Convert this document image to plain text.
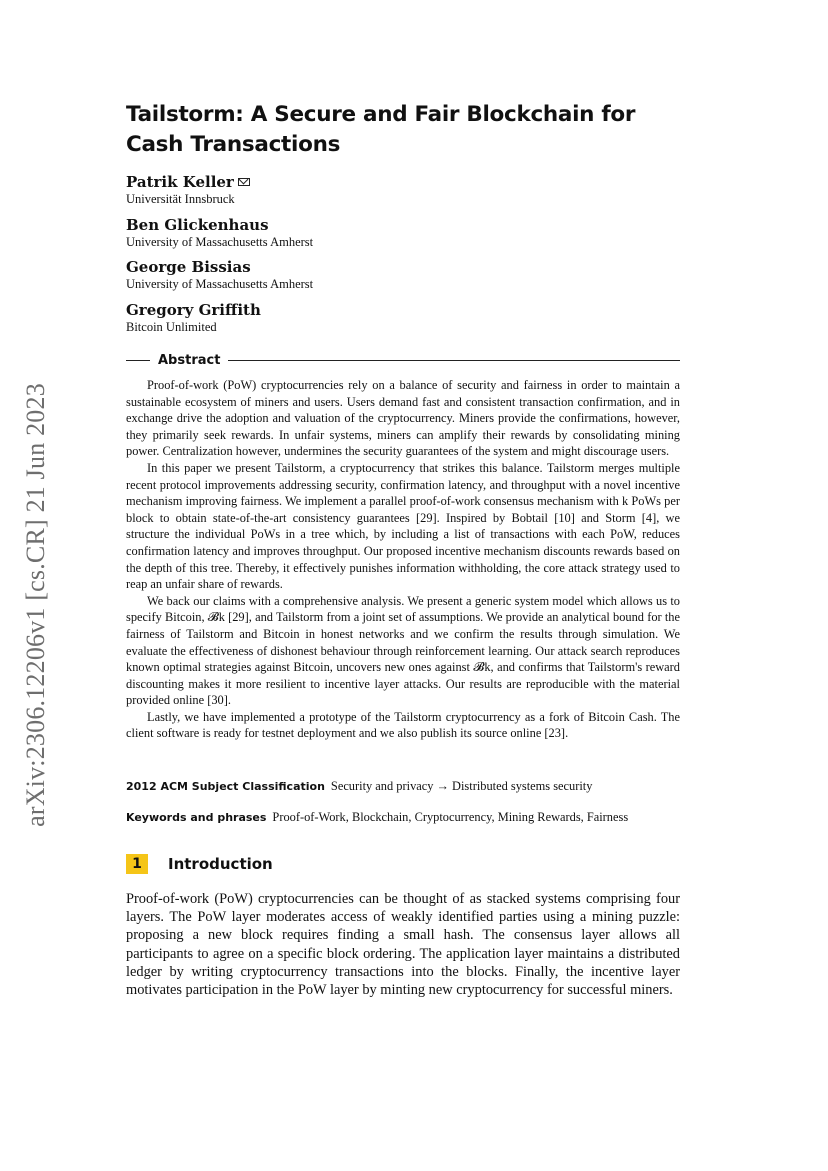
arXiv:2306.12206v1 [cs.CR] 21 Jun 2023
Tailstorm: A Secure and Fair Blockchain for Cash Transactions
Patrik Keller
Universität Innsbruck
Ben Glickenhaus
University of Massachusetts Amherst
George Bissias
University of Massachusetts Amherst
Gregory Griffith
Bitcoin Unlimited
Abstract

Proof-of-work (PoW) cryptocurrencies rely on a balance of security and fairness in order to maintain a sustainable ecosystem of miners and users. Users demand fast and consistent transaction confirmation, and in exchange drive the adoption and valuation of the cryptocurrency. Miners provide the confirmations, however, they primarily seek rewards. In unfair systems, miners can amplify their rewards by consolidating mining power. Centralization however, undermines the security guarantees of the system and might discourage users.

In this paper we present Tailstorm, a cryptocurrency that strikes this balance. Tailstorm merges multiple recent protocol improvements addressing security, confirmation latency, and throughput with a novel incentive mechanism improving fairness. We implement a parallel proof-of-work consensus mechanism with k PoWs per block to obtain state-of-the-art consistency guarantees [29]. Inspired by Bobtail [10] and Storm [4], we structure the individual PoWs in a tree which, by including a list of transactions with each PoW, reduces confirmation latency and improves throughput. Our proposed incentive mechanism discounts rewards based on the depth of this tree. Thereby, it effectively punishes information withholding, the core attack strategy used to reap an unfair share of rewards.

We back our claims with a comprehensive analysis. We present a generic system model which allows us to specify Bitcoin, 𝓑k [29], and Tailstorm from a joint set of assumptions. We provide an analytical bound for the fairness of Tailstorm and Bitcoin in honest networks and we confirm the results through simulation. We evaluate the effectiveness of dishonest behaviour through reinforcement learning. Our attack search reproduces known optimal strategies against Bitcoin, uncovers new ones against 𝓑k, and confirms that Tailstorm's reward discounting makes it more resilient to incentive layer attacks. Our results are reproducible with the material provided online [30].

Lastly, we have implemented a prototype of the Tailstorm cryptocurrency as a fork of Bitcoin Cash. The client software is ready for testnet deployment and we also publish its source online [23].

2012 ACM Subject Classification Security and privacy → Distributed systems security
Keywords and phrases Proof-of-Work, Blockchain, Cryptocurrency, Mining Rewards, Fairness
1	Introduction

Proof-of-work (PoW) cryptocurrencies can be thought of as stacked systems comprising four layers. The PoW layer moderates access of weakly identified parties using a mining puzzle: proposing a new block requires finding a small hash. The consensus layer allows all participants to agree on a specific block ordering. The application layer maintains a distributed ledger by writing cryptocurrency transactions into the blocks. Finally, the incentive layer motivates participation in the PoW layer by minting new cryptocurrency for successful miners.
